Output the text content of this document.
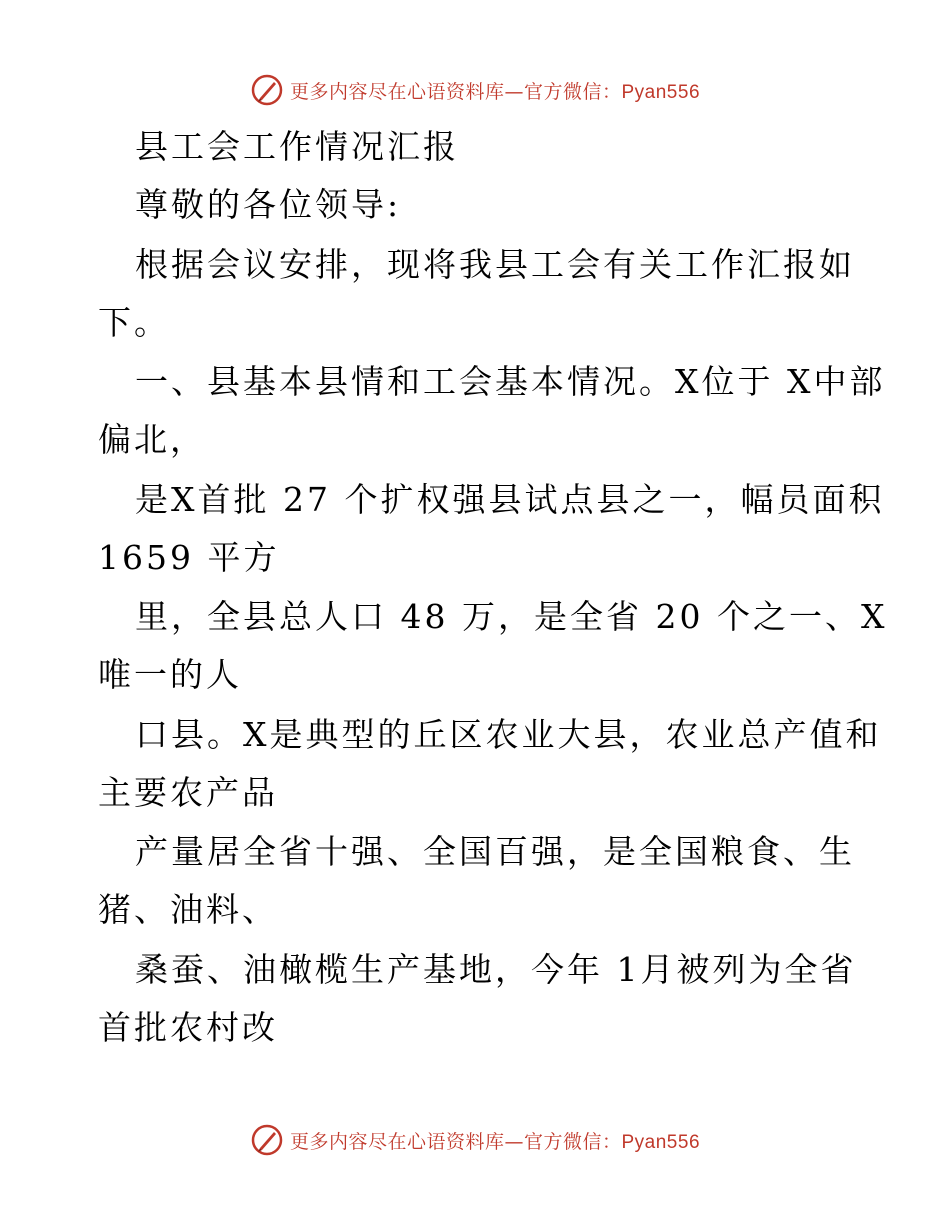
更多内容尽在心语资料库—官方微信：Pyan556
县工会工作情况汇报
尊敬的各位领导:
根据会议安排，现将我县工会有关工作汇报如
下。
一、县基本县情和工会基本情况。X位于 X中部
偏北，
是X首批 27 个扩权强县试点县之一，幅员面积
1659 平方
里，全县总人口 48 万，是全省 20 个之一、X
唯一的人
口县。X是典型的丘区农业大县，农业总产值和
主要农产品
产量居全省十强、全国百强，是全国粮食、生
猪、油料、
桑蚕、油橄榄生产基地，今年 1月被列为全省
首批农村改
更多内容尽在心语资料库—官方微信：Pyan556
